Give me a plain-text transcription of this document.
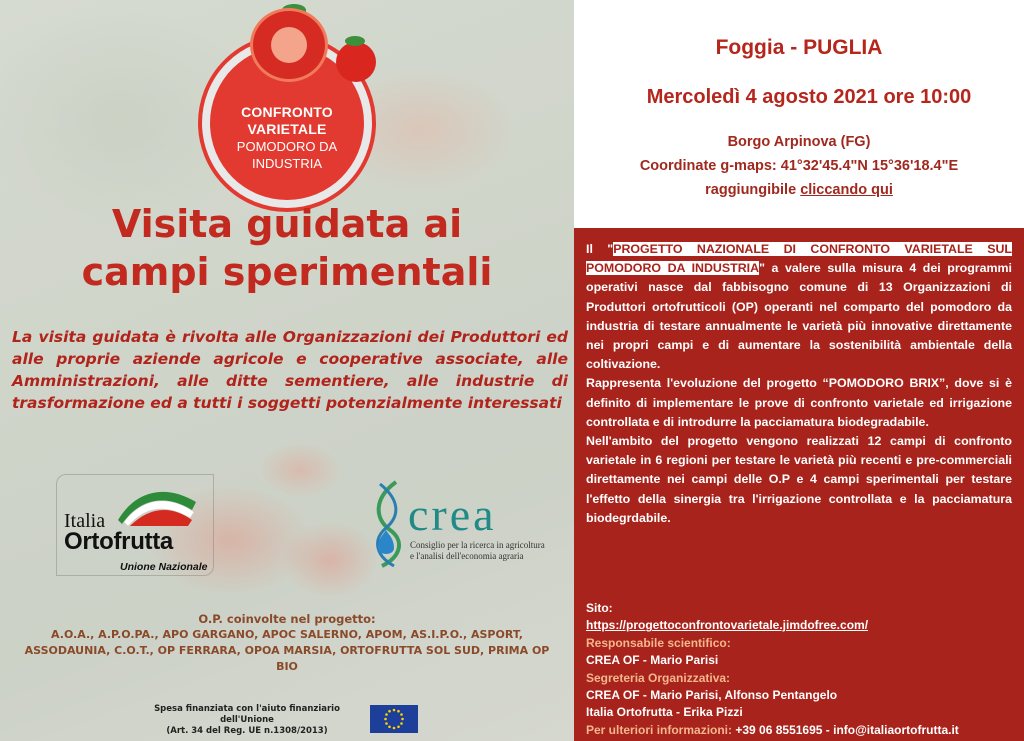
CONFRONTO VARIETALE
POMODORO DA
INDUSTRIA
Visita guidata ai
campi sperimentali
La visita guidata è rivolta alle Organizzazioni dei Produttori ed alle proprie aziende agricole e cooperative associate, alle Amministrazioni, alle ditte sementiere, alle industrie di trasformazione ed a tutti i soggetti potenzialmente interessati
Italia
Ortofrutta
Unione Nazionale
crea
Consiglio per la ricerca in agricoltura
e l'analisi dell'economia agraria
O.P. coinvolte nel progetto:
A.O.A., A.P.O.PA., APO GARGANO, APOC SALERNO, APOM, AS.I.P.O., ASPORT,
ASSODAUNIA, C.O.T., OP FERRARA, OPOA MARSIA, ORTOFRUTTA SOL SUD, PRIMA OP BIO
Spesa finanziata con l'aiuto finanziario dell'Unione
(Art. 34 del Reg. UE n.1308/2013)
Foggia - PUGLIA
Mercoledì 4 agosto 2021 ore 10:00
Borgo Arpinova (FG)
Coordinate g-maps: 41°32'45.4"N 15°36'18.4"E
raggiungibile cliccando qui

Il "PROGETTO NAZIONALE DI CONFRONTO VARIETALE SUL POMODORO DA INDUSTRIA" a valere sulla misura 4 dei programmi operativi nasce dal fabbisogno comune di 13 Organizzazioni di Produttori ortofrutticoli (OP) operanti nel comparto del pomodoro da industria di testare annualmente le varietà più innovative direttamente nei propri campi e di aumentare la sostenibilità ambientale della coltivazione.

Rappresenta l'evoluzione del progetto “POMODORO BRIX”, dove si è definito di implementare le prove di confronto varietale ed irrigazione controllata e di introdurre la pacciamatura biodegradabile.

Nell'ambito del progetto vengono realizzati 12 campi di confronto varietale in 6 regioni per testare le varietà più recenti e pre-commerciali direttamente nei campi delle O.P e 4 campi sperimentali per testare l'effetto della sinergia tra l'irrigazione controllata e la pacciamatura biodegrdabile.

Sito:
https://progettoconfrontovarietale.jimdofree.com/
Responsabile scientifico:
CREA OF - Mario Parisi
Segreteria Organizzativa:
CREA OF - Mario Parisi, Alfonso Pentangelo
Italia Ortofrutta - Erika Pizzi
Per ulteriori informazioni: +39 06 8551695 - info@italiaortofrutta.it
